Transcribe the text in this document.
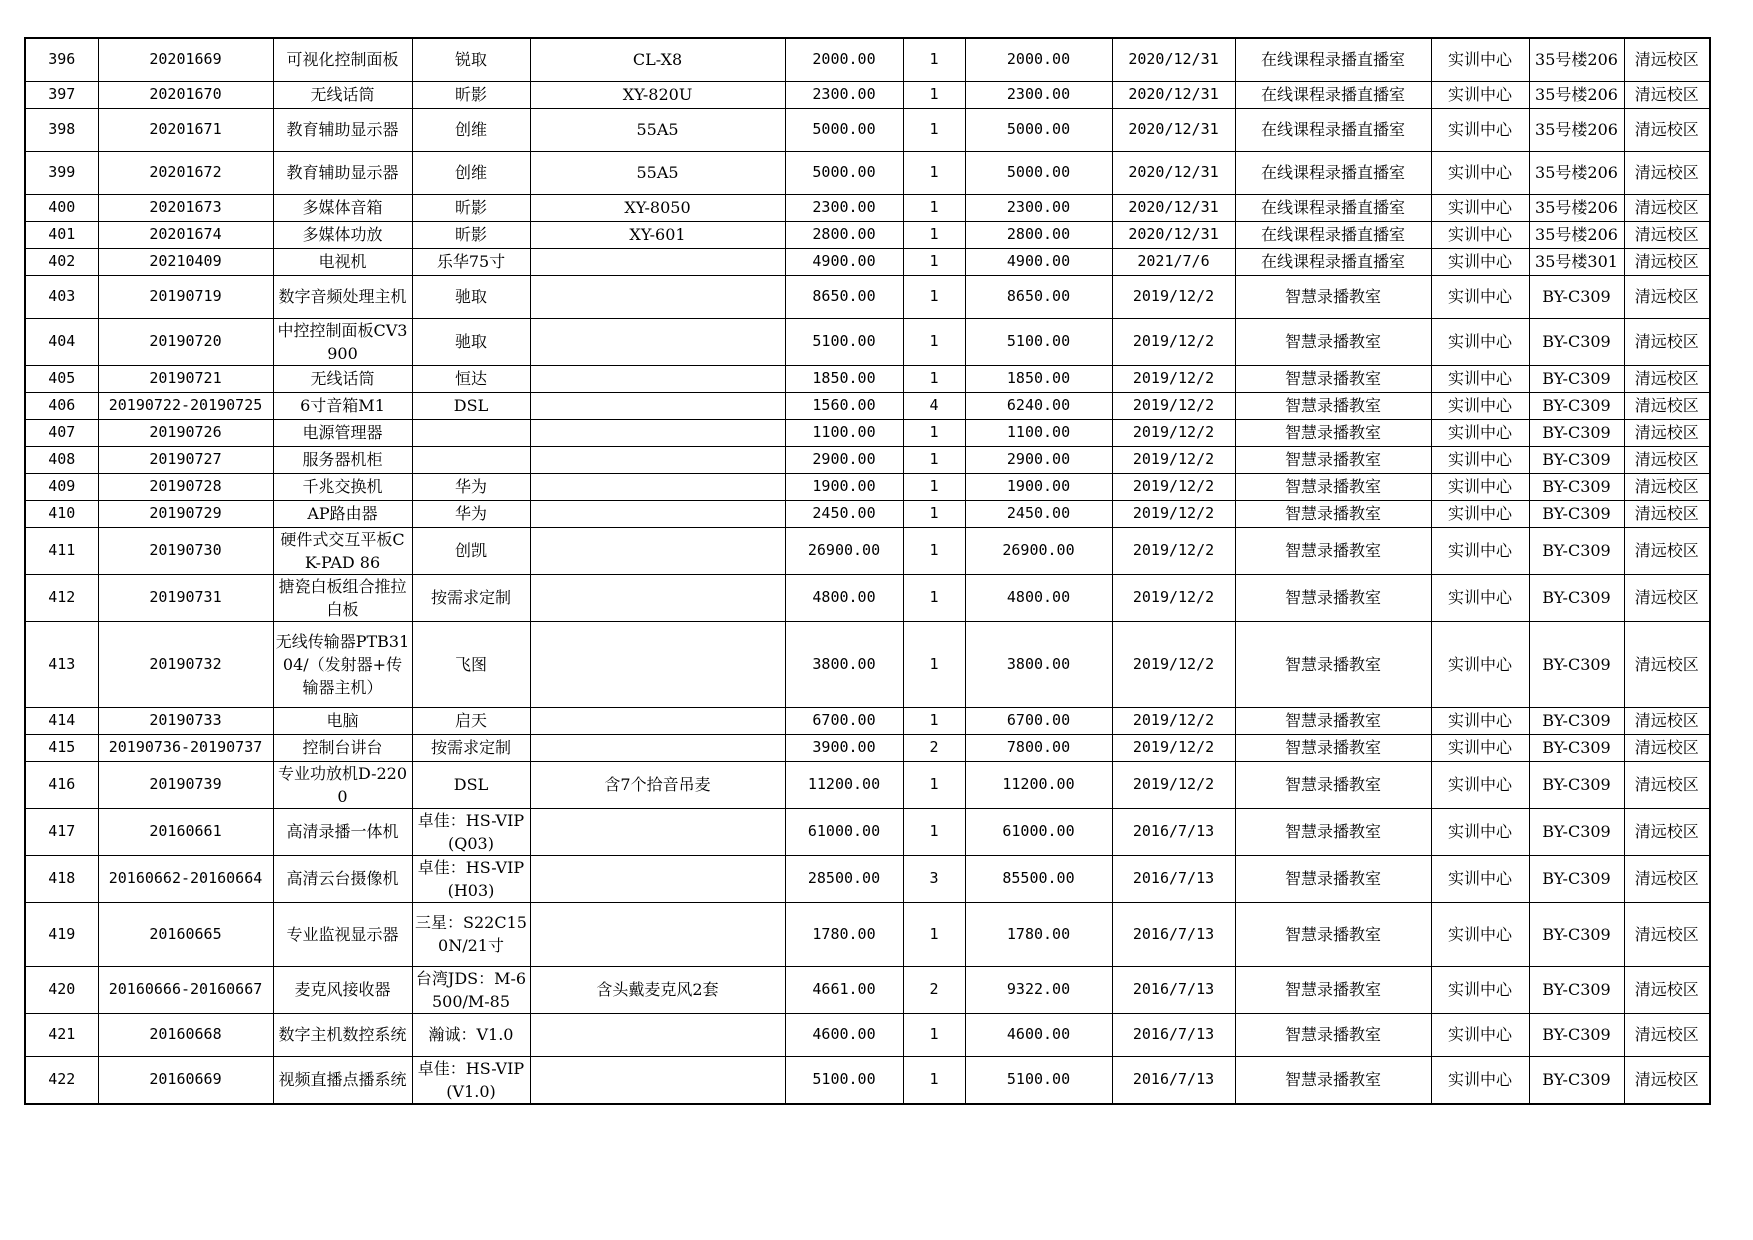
396	20201669	可视化控制面板	锐取	CL-X8	2000.00	1	2000.00	2020/12/31	在线课程录播直播室	实训中心	35号楼206	清远校区
397	20201670	无线话筒	昕影	XY-820U	2300.00	1	2300.00	2020/12/31	在线课程录播直播室	实训中心	35号楼206	清远校区
398	20201671	教育辅助显示器	创维	55A5	5000.00	1	5000.00	2020/12/31	在线课程录播直播室	实训中心	35号楼206	清远校区
399	20201672	教育辅助显示器	创维	55A5	5000.00	1	5000.00	2020/12/31	在线课程录播直播室	实训中心	35号楼206	清远校区
400	20201673	多媒体音箱	昕影	XY-8050	2300.00	1	2300.00	2020/12/31	在线课程录播直播室	实训中心	35号楼206	清远校区
401	20201674	多媒体功放	昕影	XY-601	2800.00	1	2800.00	2020/12/31	在线课程录播直播室	实训中心	35号楼206	清远校区
402	20210409	电视机	乐华75寸		4900.00	1	4900.00	2021/7/6	在线课程录播直播室	实训中心	35号楼301	清远校区
403	20190719	数字音频处理主机	驰取		8650.00	1	8650.00	2019/12/2	智慧录播教室	实训中心	BY-C309	清远校区
404	20190720	中控控制面板CV3900	驰取		5100.00	1	5100.00	2019/12/2	智慧录播教室	实训中心	BY-C309	清远校区
405	20190721	无线话筒	恒达		1850.00	1	1850.00	2019/12/2	智慧录播教室	实训中心	BY-C309	清远校区
406	20190722-20190725	6寸音箱M1	DSL		1560.00	4	6240.00	2019/12/2	智慧录播教室	实训中心	BY-C309	清远校区
407	20190726	电源管理器			1100.00	1	1100.00	2019/12/2	智慧录播教室	实训中心	BY-C309	清远校区
408	20190727	服务器机柜			2900.00	1	2900.00	2019/12/2	智慧录播教室	实训中心	BY-C309	清远校区
409	20190728	千兆交换机	华为		1900.00	1	1900.00	2019/12/2	智慧录播教室	实训中心	BY-C309	清远校区
410	20190729	AP路由器	华为		2450.00	1	2450.00	2019/12/2	智慧录播教室	实训中心	BY-C309	清远校区
411	20190730	硬件式交互平板CK-PAD 86	创凯		26900.00	1	26900.00	2019/12/2	智慧录播教室	实训中心	BY-C309	清远校区
412	20190731	搪瓷白板组合推拉白板	按需求定制		4800.00	1	4800.00	2019/12/2	智慧录播教室	实训中心	BY-C309	清远校区
413	20190732	无线传输器PTB3104/（发射器+传输器主机）	飞图		3800.00	1	3800.00	2019/12/2	智慧录播教室	实训中心	BY-C309	清远校区
414	20190733	电脑	启天		6700.00	1	6700.00	2019/12/2	智慧录播教室	实训中心	BY-C309	清远校区
415	20190736-20190737	控制台讲台	按需求定制		3900.00	2	7800.00	2019/12/2	智慧录播教室	实训中心	BY-C309	清远校区
416	20190739	专业功放机D-2200	DSL	含7个拾音吊麦	11200.00	1	11200.00	2019/12/2	智慧录播教室	实训中心	BY-C309	清远校区
417	20160661	高清录播一体机	卓佳：HS-VIP(Q03)		61000.00	1	61000.00	2016/7/13	智慧录播教室	实训中心	BY-C309	清远校区
418	20160662-20160664	高清云台摄像机	卓佳：HS-VIP(H03)		28500.00	3	85500.00	2016/7/13	智慧录播教室	实训中心	BY-C309	清远校区
419	20160665	专业监视显示器	三星：S22C150N/21寸		1780.00	1	1780.00	2016/7/13	智慧录播教室	实训中心	BY-C309	清远校区
420	20160666-20160667	麦克风接收器	台湾JDS：M-6500/M-85	含头戴麦克风2套	4661.00	2	9322.00	2016/7/13	智慧录播教室	实训中心	BY-C309	清远校区
421	20160668	数字主机数控系统	瀚诚：V1.0		4600.00	1	4600.00	2016/7/13	智慧录播教室	实训中心	BY-C309	清远校区
422	20160669	视频直播点播系统	卓佳：HS-VIP(V1.0)		5100.00	1	5100.00	2016/7/13	智慧录播教室	实训中心	BY-C309	清远校区
